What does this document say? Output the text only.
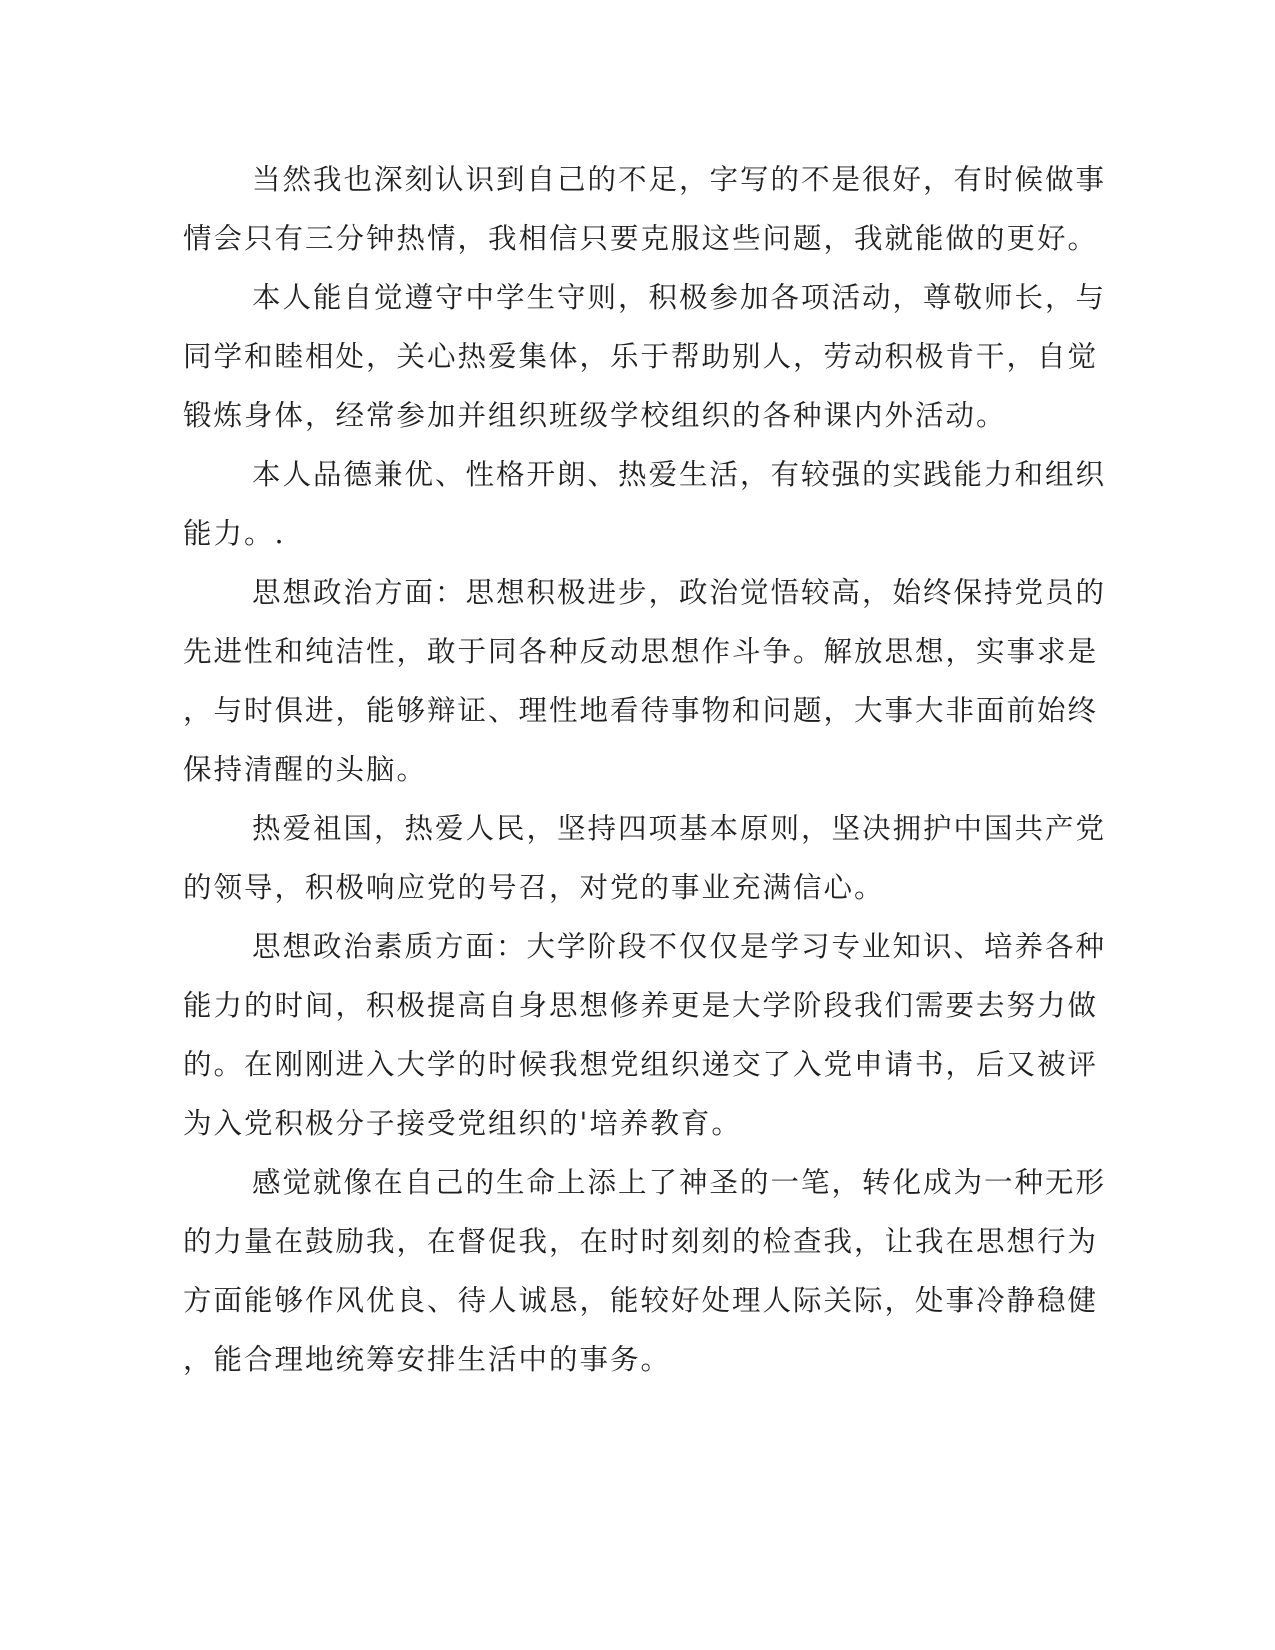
当然我也深刻认识到自己的不足，字写的不是很好，有时候做事
情会只有三分钟热情，我相信只要克服这些问题，我就能做的更好。
本人能自觉遵守中学生守则，积极参加各项活动，尊敬师长，与
同学和睦相处，关心热爱集体，乐于帮助别人，劳动积极肯干，自觉
锻炼身体，经常参加并组织班级学校组织的各种课内外活动。
本人品德兼优、性格开朗、热爱生活，有较强的实践能力和组织
能力。.
思想政治方面：思想积极进步，政治觉悟较高，始终保持党员的
先进性和纯洁性，敢于同各种反动思想作斗争。解放思想，实事求是
，与时俱进，能够辩证、理性地看待事物和问题，大事大非面前始终
保持清醒的头脑。
热爱祖国，热爱人民，坚持四项基本原则，坚决拥护中国共产党
的领导，积极响应党的号召，对党的事业充满信心。
思想政治素质方面：大学阶段不仅仅是学习专业知识、培养各种
能力的时间，积极提高自身思想修养更是大学阶段我们需要去努力做
的。在刚刚进入大学的时候我想党组织递交了入党申请书，后又被评
为入党积极分子接受党组织的'培养教育。
感觉就像在自己的生命上添上了神圣的一笔，转化成为一种无形
的力量在鼓励我，在督促我，在时时刻刻的检查我，让我在思想行为
方面能够作风优良、待人诚恳，能较好处理人际关际，处事冷静稳健
，能合理地统筹安排生活中的事务。
